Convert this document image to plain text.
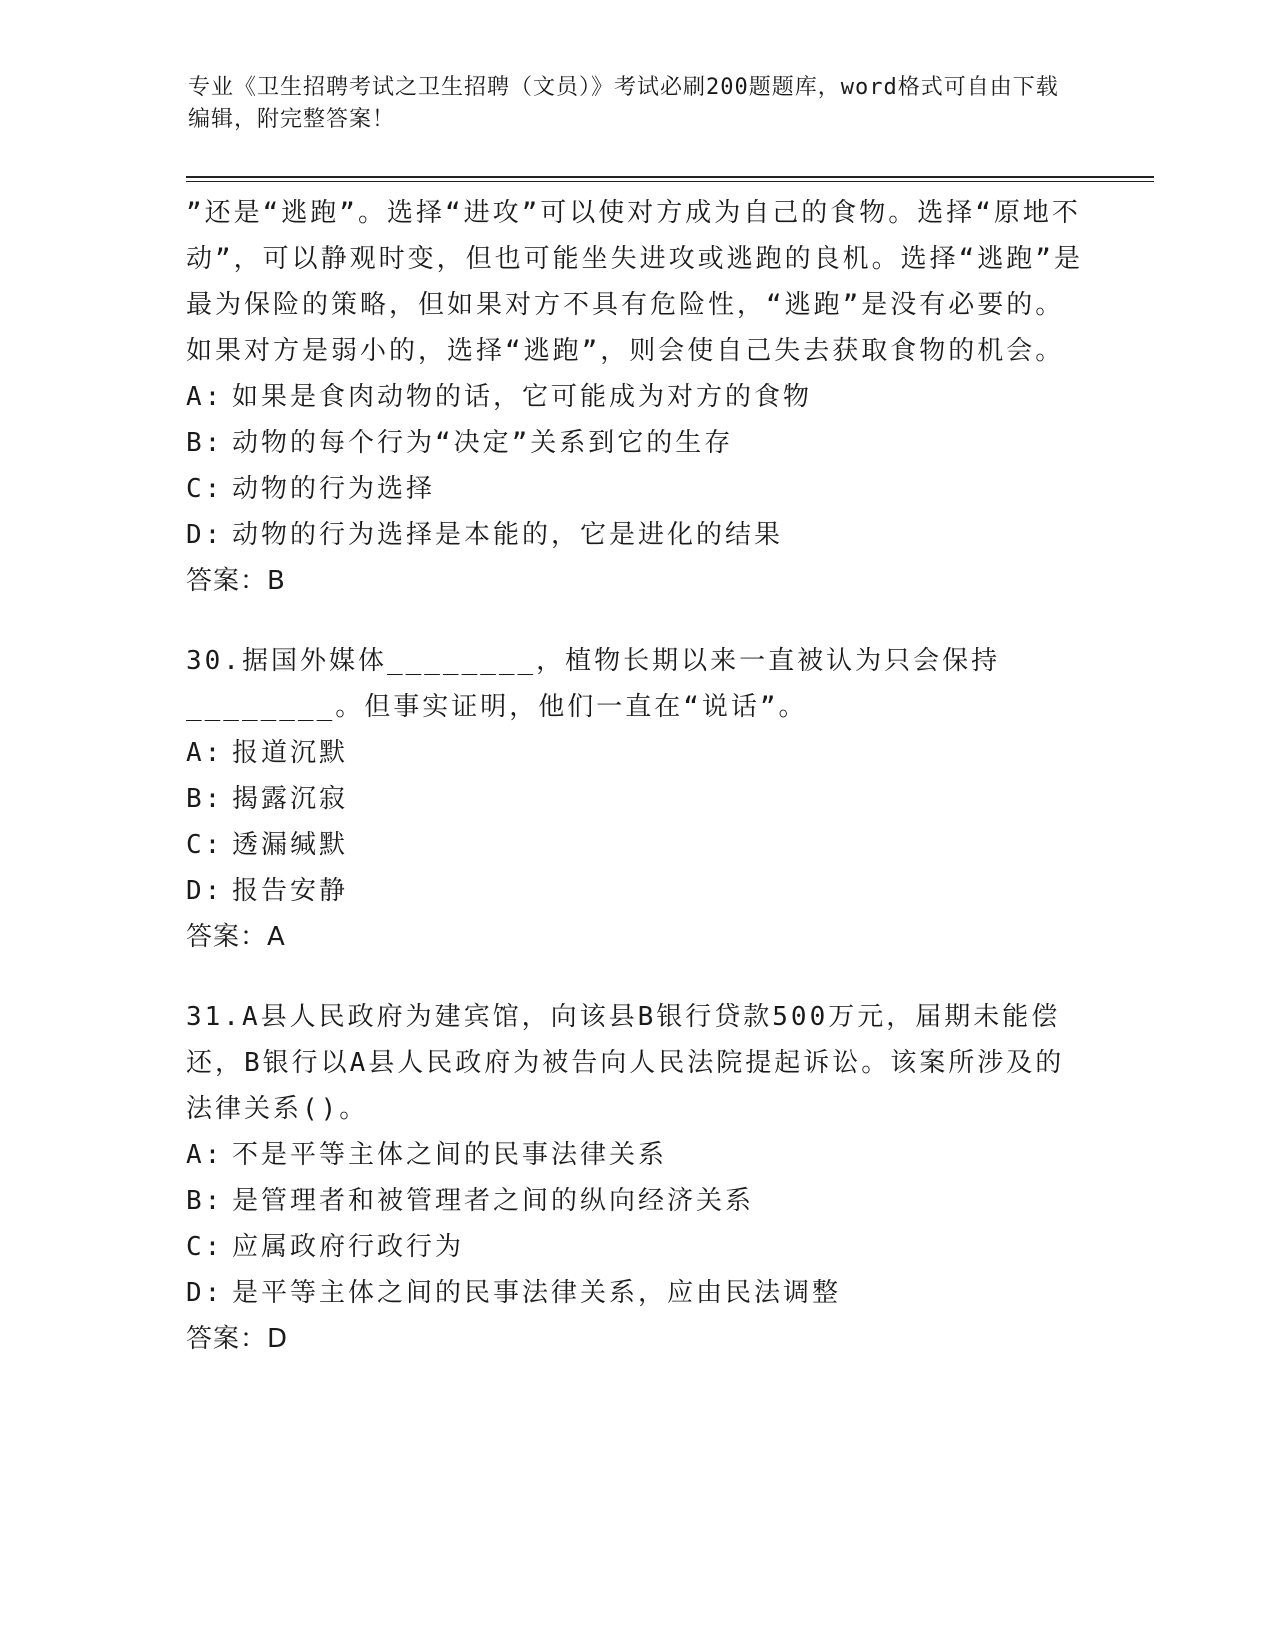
专业《卫生招聘考试之卫生招聘（文员）》考试必刷200题题库，word格式可自由下载编辑，附完整答案！
”还是“逃跑”。选择“进攻”可以使对方成为自己的食物。选择“原地不动”，可以静观时变，但也可能坐失进攻或逃跑的良机。选择“逃跑”是最为保险的策略，但如果对方不具有危险性，“逃跑”是没有必要的。如果对方是弱小的，选择“逃跑”，则会使自己失去获取食物的机会。
A: 如果是食肉动物的话，它可能成为对方的食物
B: 动物的每个行为“决定”关系到它的生存
C: 动物的行为选择
D: 动物的行为选择是本能的，它是进化的结果
答案：B
30.据国外媒体________，植物长期以来一直被认为只会保持________。但事实证明，他们一直在“说话”。
A: 报道沉默
B: 揭露沉寂
C: 透漏缄默
D: 报告安静
答案：A
31.A县人民政府为建宾馆，向该县B银行贷款500万元，届期未能偿还，B银行以A县人民政府为被告向人民法院提起诉讼。该案所涉及的法律关系()。
A: 不是平等主体之间的民事法律关系
B: 是管理者和被管理者之间的纵向经济关系
C: 应属政府行政行为
D: 是平等主体之间的民事法律关系，应由民法调整
答案：D
